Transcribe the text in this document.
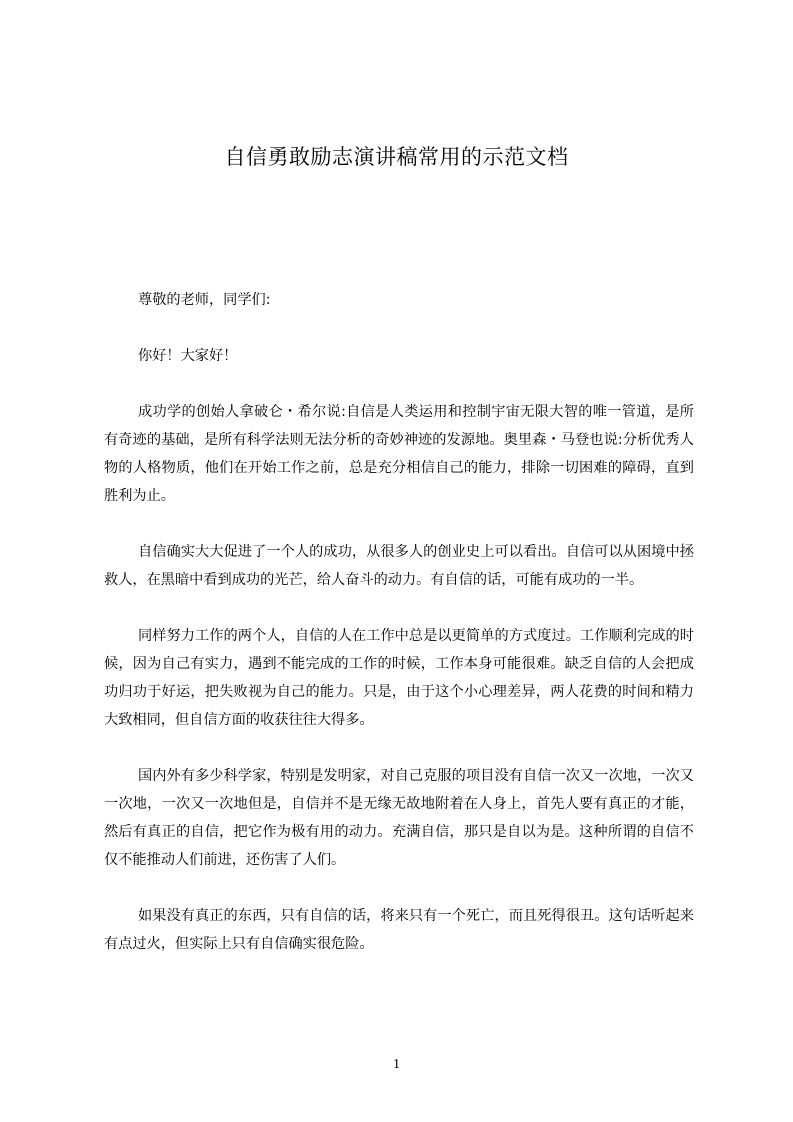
自信勇敢励志演讲稿常用的示范文档

尊敬的老师，同学们:

你好！大家好！

成功学的创始人拿破仑・希尔说:自信是人类运用和控制宇宙无限大智的唯一管道，是所有奇迹的基础，是所有科学法则无法分析的奇妙神迹的发源地。奥里森・马登也说:分析优秀人物的人格物质，他们在开始工作之前，总是充分相信自己的能力，排除一切困难的障碍，直到胜利为止。

自信确实大大促进了一个人的成功，从很多人的创业史上可以看出。自信可以从困境中拯救人，在黑暗中看到成功的光芒，给人奋斗的动力。有自信的话，可能有成功的一半。

同样努力工作的两个人，自信的人在工作中总是以更简单的方式度过。工作顺利完成的时候，因为自己有实力，遇到不能完成的工作的时候，工作本身可能很难。缺乏自信的人会把成功归功于好运，把失败视为自己的能力。只是，由于这个小心理差异，两人花费的时间和精力大致相同，但自信方面的收获往往大得多。

国内外有多少科学家，特别是发明家，对自己克服的项目没有自信一次又一次地，一次又一次地，一次又一次地但是，自信并不是无缘无故地附着在人身上，首先人要有真正的才能，然后有真正的自信，把它作为极有用的动力。充满自信，那只是自以为是。这种所谓的自信不仅不能推动人们前进，还伤害了人们。

如果没有真正的东西，只有自信的话，将来只有一个死亡，而且死得很丑。这句话听起来有点过火，但实际上只有自信确实很危险。

1
